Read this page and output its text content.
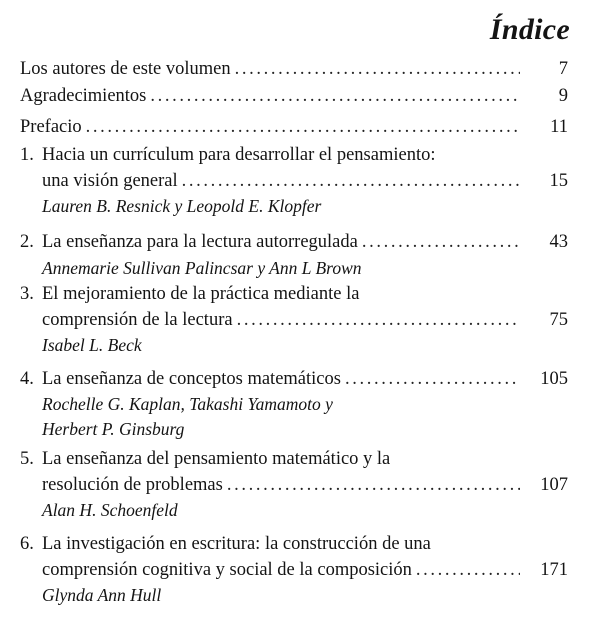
Índice
Los autores de este volumen . . .	7
Agradecimientos . . .	9
Prefacio . . .	11
1. Hacia un currículum para desarrollar el pensamiento:
una visión general . . .	15
Lauren B. Resnick y Leopold E. Klopfer
2. La enseñanza para la lectura autorregulada . . .	43
Annemarie Sullivan Palincsar y Ann L Brown
3. El mejoramiento de la práctica mediante la
comprensión de la lectura . . .	75
Isabel L. Beck
4. La enseñanza de conceptos matemáticos . . .	105
Rochelle G. Kaplan, Takashi Yamamoto y
Herbert P. Ginsburg
5. La enseñanza del pensamiento matemático y la
resolución de problemas . . .	107
Alan H. Schoenfeld
6. La investigación en escritura: la construcción de una
comprensión cognitiva y social de la composición . . .	171
Glynda Ann Hull
